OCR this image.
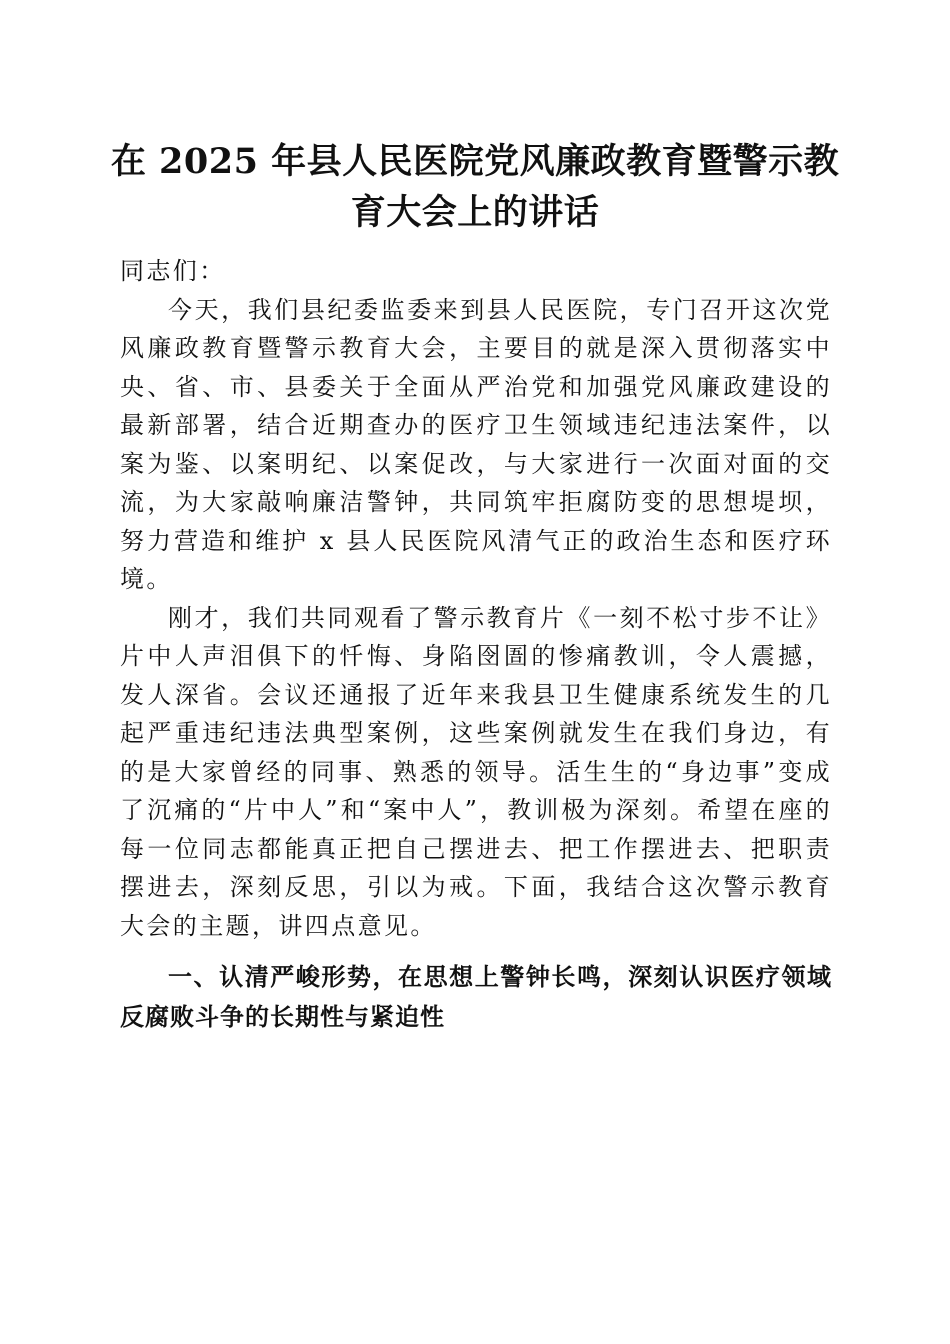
在 2025 年县人民医院党风廉政教育暨警示教
育大会上的讲话

同志们：

今天，我们县纪委监委来到县人民医院，专门召开这次党风廉政教育暨警示教育大会，主要目的就是深入贯彻落实中央、省、市、县委关于全面从严治党和加强党风廉政建设的最新部署，结合近期查办的医疗卫生领域违纪违法案件，以案为鉴、以案明纪、以案促改，与大家进行一次面对面的交流，为大家敲响廉洁警钟，共同筑牢拒腐防变的思想堤坝，努力营造和维护 x 县人民医院风清气正的政治生态和医疗环境。

刚才，我们共同观看了警示教育片《一刻不松寸步不让》片中人声泪俱下的忏悔、身陷囹圄的惨痛教训，令人震撼，发人深省。会议还通报了近年来我县卫生健康系统发生的几起严重违纪违法典型案例，这些案例就发生在我们身边，有的是大家曾经的同事、熟悉的领导。活生生的“身边事”变成了沉痛的“片中人”和“案中人”，教训极为深刻。希望在座的每一位同志都能真正把自己摆进去、把工作摆进去、把职责摆进去，深刻反思，引以为戒。下面，我结合这次警示教育大会的主题，讲四点意见。

一、认清严峻形势，在思想上警钟长鸣，深刻认识医疗领域反腐败斗争的长期性与紧迫性
